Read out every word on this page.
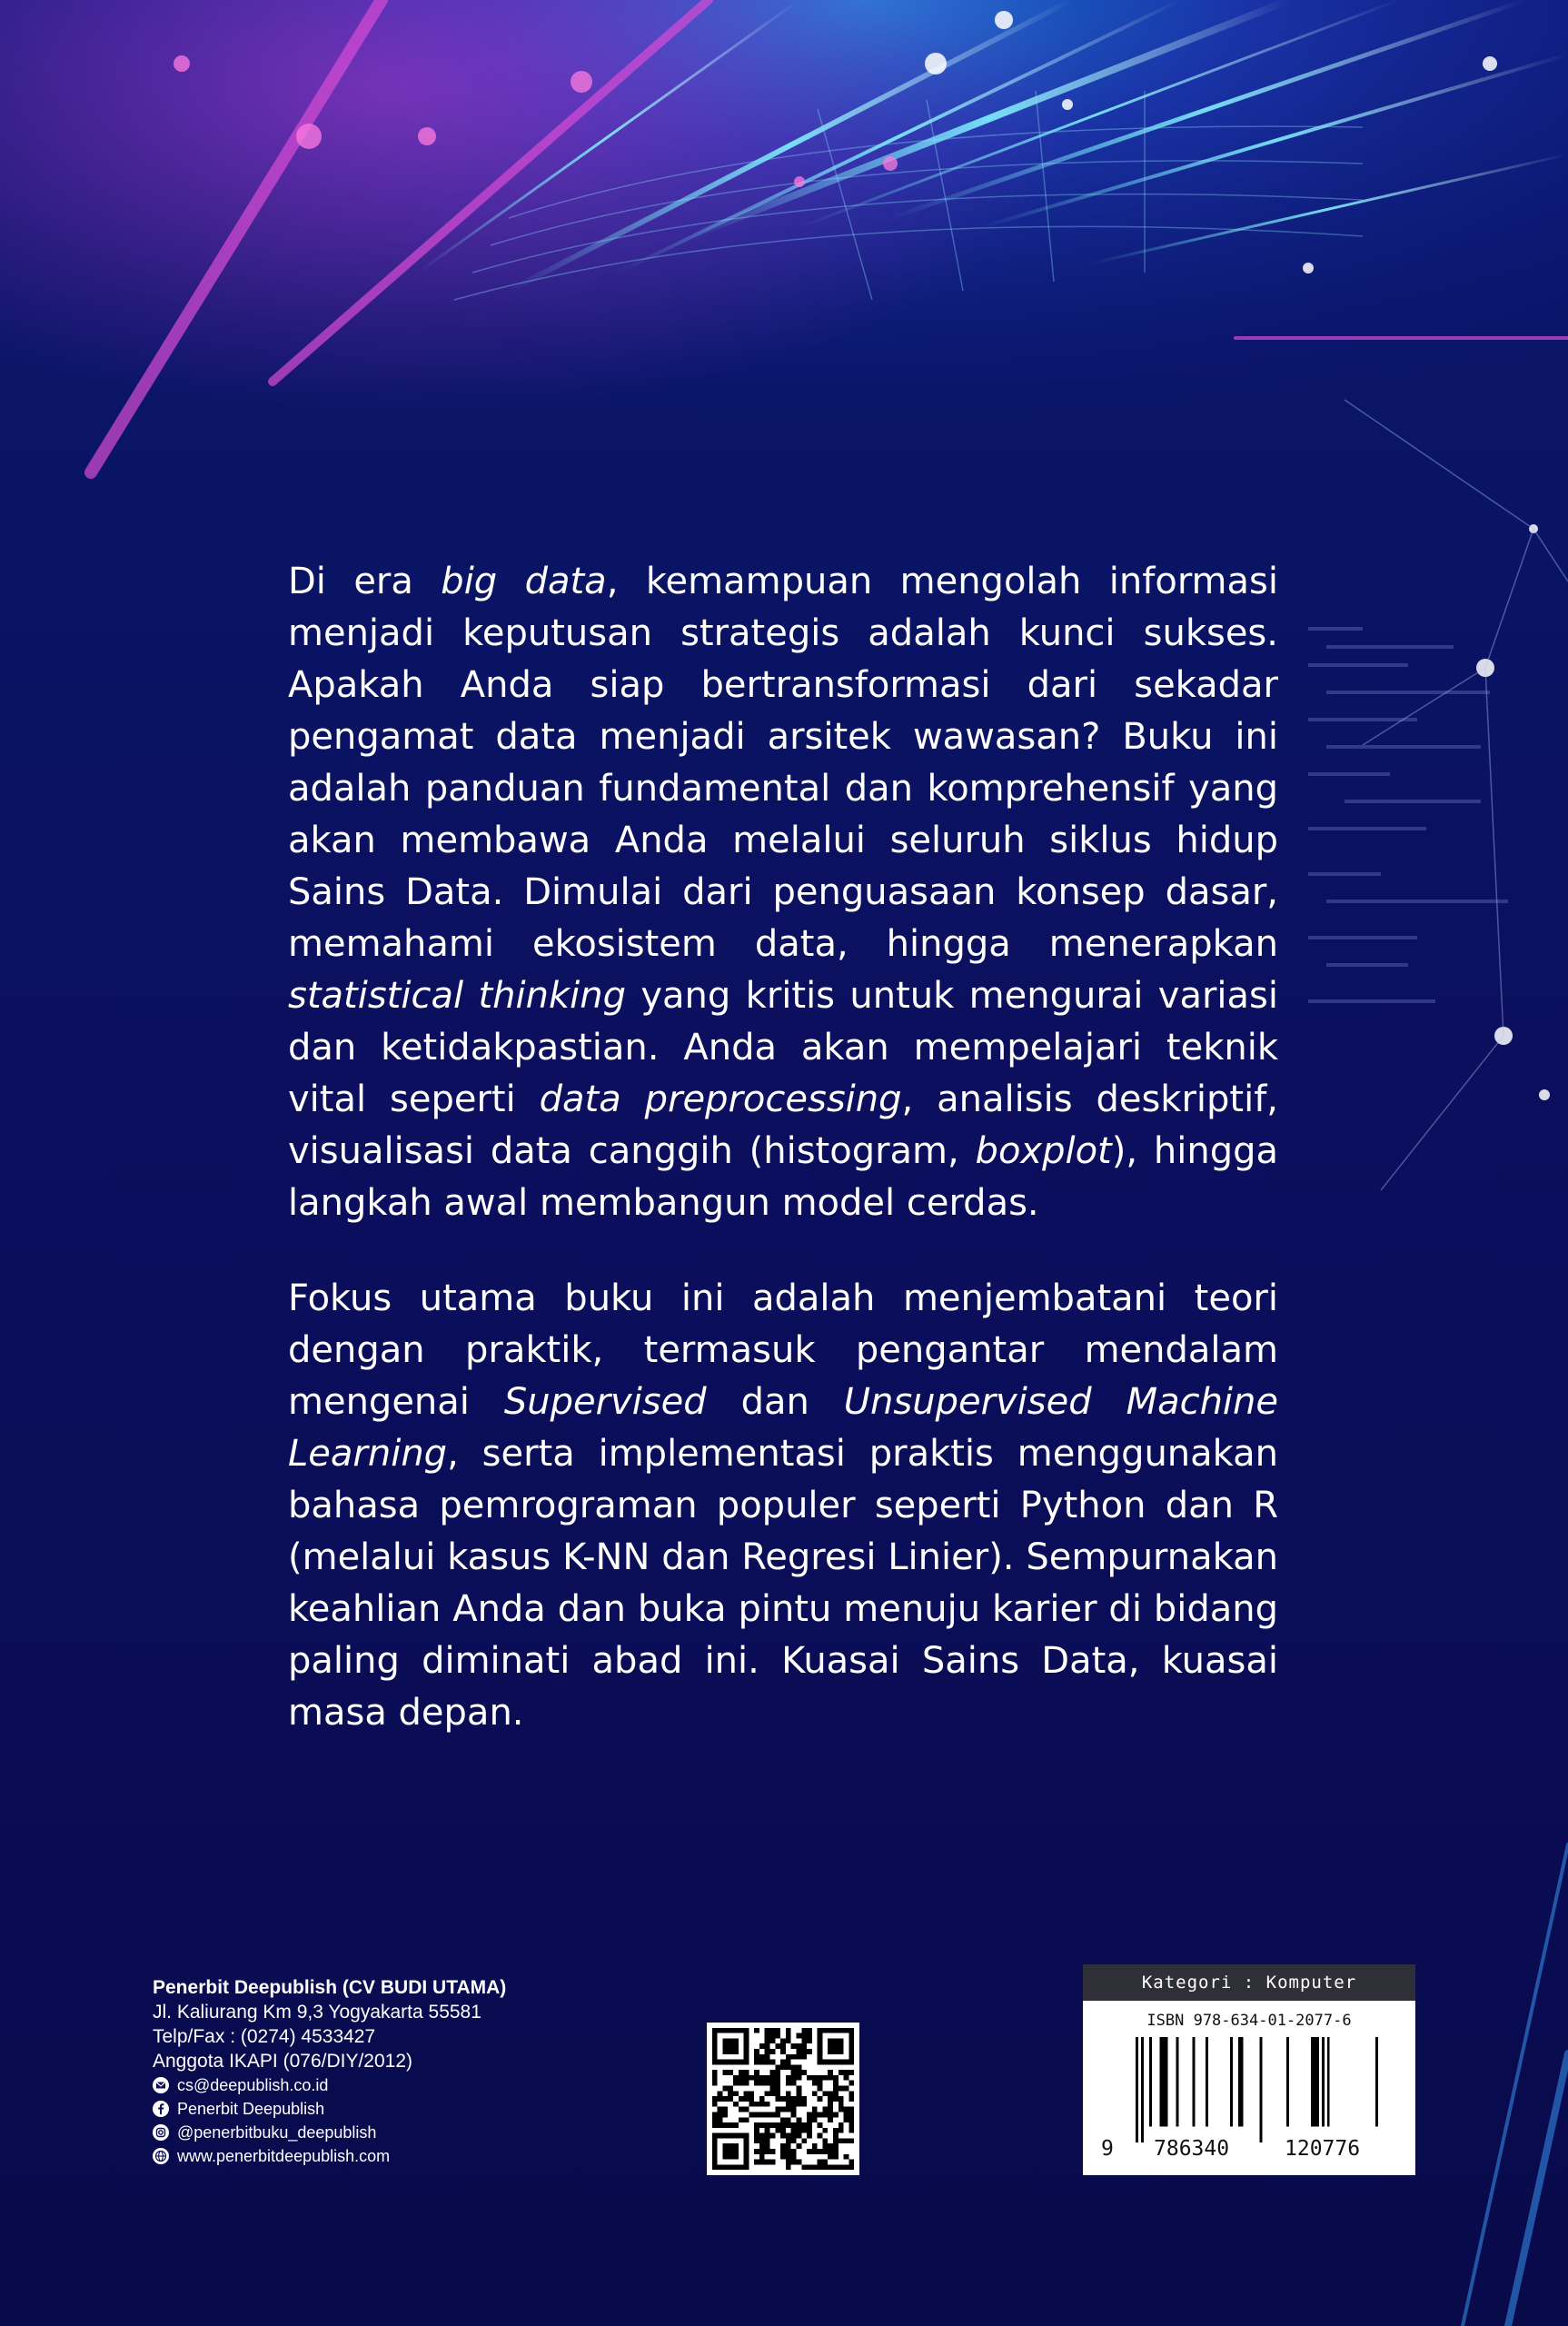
Di era big data, kemampuan mengolah informasi menjadi keputusan strategis adalah kunci sukses. Apakah Anda siap bertransformasi dari sekadar pengamat data menjadi arsitek wawasan? Buku ini adalah panduan fundamental dan komprehensif yang akan membawa Anda melalui seluruh siklus hidup Sains Data. Dimulai dari penguasaan konsep dasar, memahami ekosistem data, hingga menerapkan statistical thinking yang kritis untuk mengurai variasi dan ketidakpastian. Anda akan mempelajari teknik vital seperti data preprocessing, analisis deskriptif, visualisasi data canggih (histogram, boxplot), hingga langkah awal membangun model cerdas.

Fokus utama buku ini adalah menjembatani teori dengan praktik, termasuk pengantar mendalam mengenai Supervised dan Unsupervised Machine Learning, serta implementasi praktis menggunakan bahasa pemrograman populer seperti Python dan R (melalui kasus K-NN dan Regresi Linier). Sempurnakan keahlian Anda dan buka pintu menuju karier di bidang paling diminati abad ini. Kuasai Sains Data, kuasai masa depan.

Penerbit Deepublish (CV BUDI UTAMA)
Jl. Kaliurang Km 9,3 Yogyakarta 55581
Telp/Fax : (0274) 4533427
Anggota IKAPI (076/DIY/2012)
cs@deepublish.co.id
Penerbit Deepublish
@penerbitbuku_deepublish
www.penerbitdeepublish.com
Kategori : Komputer
ISBN 978-634-01-2077-6
9 786340	120776
